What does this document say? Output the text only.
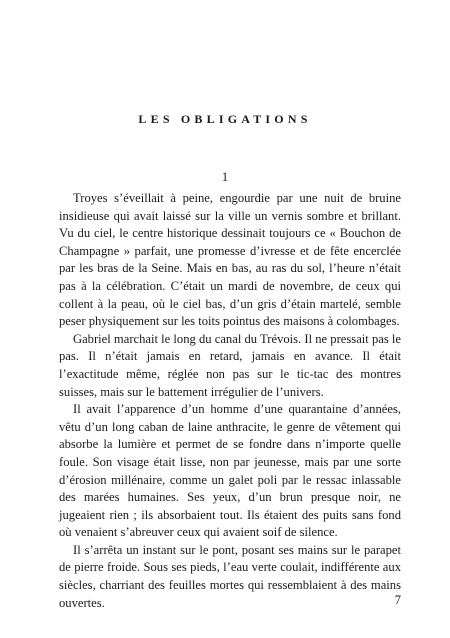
LES OBLIGATIONS
1

Troyes s’éveillait à peine, engourdie par une nuit de bruine insidieuse qui avait laissé sur la ville un vernis sombre et brillant. Vu du ciel, le centre historique dessinait toujours ce « Bouchon de Champagne » parfait, une promesse d’ivresse et de fête encerclée par les bras de la Seine. Mais en bas, au ras du sol, l’heure n’était pas à la célébration. C’était un mardi de novembre, de ceux qui collent à la peau, où le ciel bas, d’un gris d’étain martelé, semble peser physiquement sur les toits pointus des maisons à colombages.

Gabriel marchait le long du canal du Trévois. Il ne pressait pas le pas. Il n’était jamais en retard, jamais en avance. Il était l’exactitude même, réglée non pas sur le tic-tac des montres suisses, mais sur le battement irrégulier de l’univers.

Il avait l’apparence d’un homme d’une quarantaine d’années, vêtu d’un long caban de laine anthracite, le genre de vêtement qui absorbe la lumière et permet de se fondre dans n’importe quelle foule. Son visage était lisse, non par jeunesse, mais par une sorte d’érosion millénaire, comme un galet poli par le ressac inlassable des marées humaines. Ses yeux, d’un brun presque noir, ne jugeaient rien ; ils absorbaient tout. Ils étaient des puits sans fond où venaient s’abreuver ceux qui avaient soif de silence.

Il s’arrêta un instant sur le pont, posant ses mains sur le parapet de pierre froide. Sous ses pieds, l’eau verte coulait, indifférente aux siècles, charriant des feuilles mortes qui ressemblaient à des mains ouvertes.	7
